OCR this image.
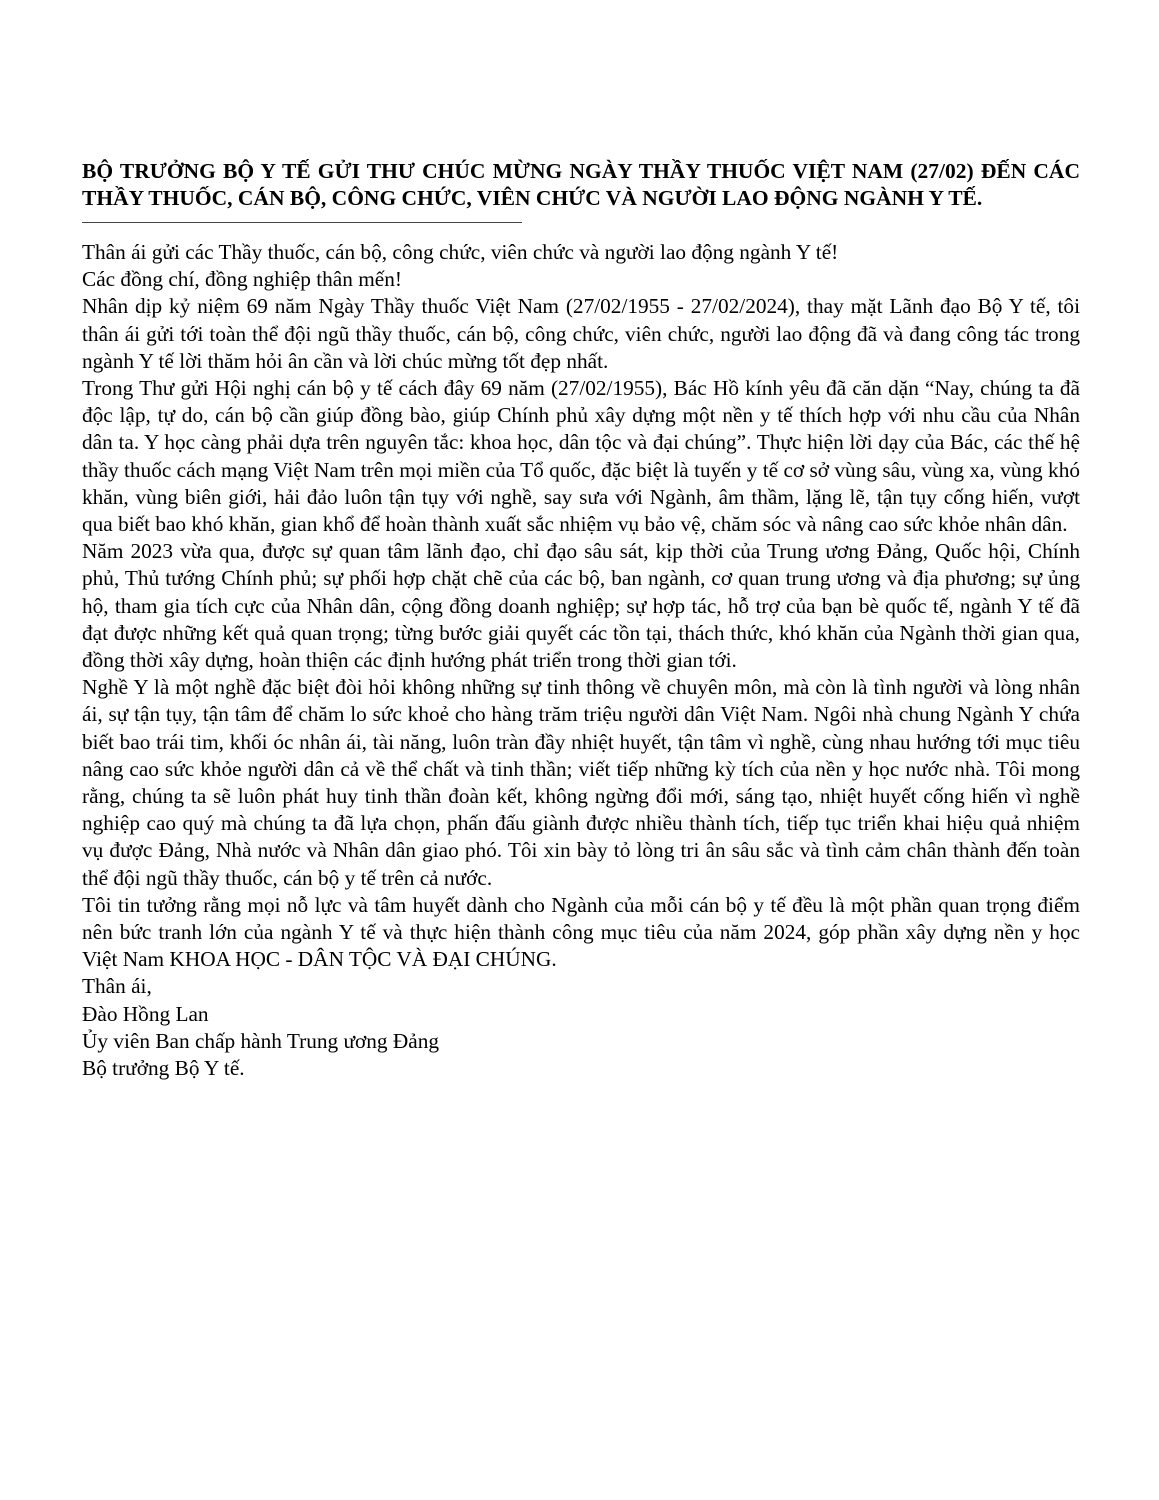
BỘ TRƯỞNG BỘ Y TẾ GỬI THƯ CHÚC MỪNG NGÀY THẦY THUỐC VIỆT NAM (27/02) ĐẾN CÁC THẦY THUỐC, CÁN BỘ, CÔNG CHỨC, VIÊN CHỨC VÀ NGƯỜI LAO ĐỘNG NGÀNH Y TẾ.

Thân ái gửi các Thầy thuốc, cán bộ, công chức, viên chức và người lao động ngành Y tế!

Các đồng chí, đồng nghiệp thân mến!

Nhân dịp kỷ niệm 69 năm Ngày Thầy thuốc Việt Nam (27/02/1955 - 27/02/2024), thay mặt Lãnh đạo Bộ Y tế, tôi thân ái gửi tới toàn thể đội ngũ thầy thuốc, cán bộ, công chức, viên chức, người lao động đã và đang công tác trong ngành Y tế lời thăm hỏi ân cần và lời chúc mừng tốt đẹp nhất.

Trong Thư gửi Hội nghị cán bộ y tế cách đây 69 năm (27/02/1955), Bác Hồ kính yêu đã căn dặn “Nay, chúng ta đã độc lập, tự do, cán bộ cần giúp đồng bào, giúp Chính phủ xây dựng một nền y tế thích hợp với nhu cầu của Nhân dân ta. Y học càng phải dựa trên nguyên tắc: khoa học, dân tộc và đại chúng”. Thực hiện lời dạy của Bác, các thế hệ thầy thuốc cách mạng Việt Nam trên mọi miền của Tổ quốc, đặc biệt là tuyến y tế cơ sở vùng sâu, vùng xa, vùng khó khăn, vùng biên giới, hải đảo luôn tận tụy với nghề, say sưa với Ngành, âm thầm, lặng lẽ, tận tụy cống hiến, vượt qua biết bao khó khăn, gian khổ để hoàn thành xuất sắc nhiệm vụ bảo vệ, chăm sóc và nâng cao sức khỏe nhân dân.

Năm 2023 vừa qua, được sự quan tâm lãnh đạo, chỉ đạo sâu sát, kịp thời của Trung ương Đảng, Quốc hội, Chính phủ, Thủ tướng Chính phủ; sự phối hợp chặt chẽ của các bộ, ban ngành, cơ quan trung ương và địa phương; sự ủng hộ, tham gia tích cực của Nhân dân, cộng đồng doanh nghiệp; sự hợp tác, hỗ trợ của bạn bè quốc tế, ngành Y tế đã đạt được những kết quả quan trọng; từng bước giải quyết các tồn tại, thách thức, khó khăn của Ngành thời gian qua, đồng thời xây dựng, hoàn thiện các định hướng phát triển trong thời gian tới.

Nghề Y là một nghề đặc biệt đòi hỏi không những sự tinh thông về chuyên môn, mà còn là tình người và lòng nhân ái, sự tận tụy, tận tâm để chăm lo sức khoẻ cho hàng trăm triệu người dân Việt Nam. Ngôi nhà chung Ngành Y chứa biết bao trái tim, khối óc nhân ái, tài năng, luôn tràn đầy nhiệt huyết, tận tâm vì nghề, cùng nhau hướng tới mục tiêu nâng cao sức khỏe người dân cả về thể chất và tinh thần; viết tiếp những kỳ tích của nền y học nước nhà. Tôi mong rằng, chúng ta sẽ luôn phát huy tinh thần đoàn kết, không ngừng đổi mới, sáng tạo, nhiệt huyết cống hiến vì nghề nghiệp cao quý mà chúng ta đã lựa chọn, phấn đấu giành được nhiều thành tích, tiếp tục triển khai hiệu quả nhiệm vụ được Đảng, Nhà nước và Nhân dân giao phó. Tôi xin bày tỏ lòng tri ân sâu sắc và tình cảm chân thành đến toàn thể đội ngũ thầy thuốc, cán bộ y tế trên cả nước.

Tôi tin tưởng rằng mọi nỗ lực và tâm huyết dành cho Ngành của mỗi cán bộ y tế đều là một phần quan trọng điểm nên bức tranh lớn của ngành Y tế và thực hiện thành công mục tiêu của năm 2024, góp phần xây dựng nền y học Việt Nam KHOA HỌC - DÂN TỘC VÀ ĐẠI CHÚNG.

Thân ái,

Đào Hồng Lan

Ủy viên Ban chấp hành Trung ương Đảng

Bộ trưởng Bộ Y tế.
